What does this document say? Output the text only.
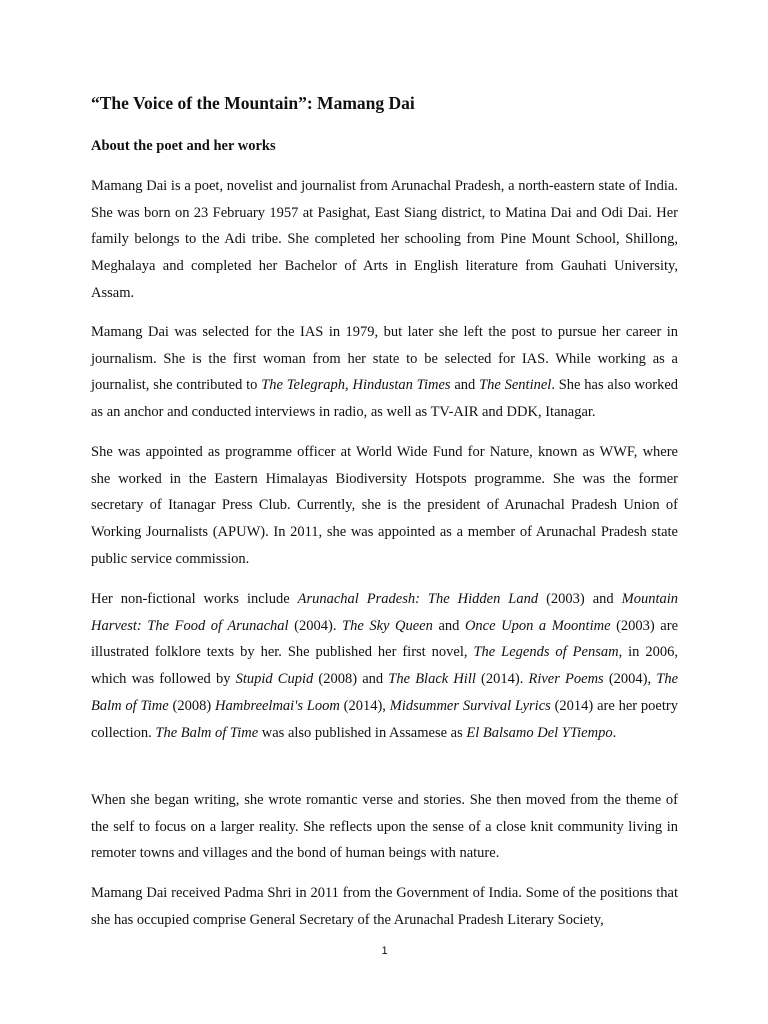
“The Voice of the Mountain”: Mamang Dai
About the poet and her works

Mamang Dai is a poet, novelist and journalist from Arunachal Pradesh, a north-eastern state of India. She was born on 23 February 1957 at Pasighat, East Siang district, to Matina Dai and Odi Dai. Her family belongs to the Adi tribe. She completed her schooling from Pine Mount School, Shillong, Meghalaya and completed her Bachelor of Arts in English literature from Gauhati University, Assam.

Mamang Dai was selected for the IAS in 1979, but later she left the post to pursue her career in journalism. She is the first woman from her state to be selected for IAS. While working as a journalist, she contributed to The Telegraph, Hindustan Times and The Sentinel. She has also worked as an anchor and conducted interviews in radio, as well as TV-AIR and DDK, Itanagar.

She was appointed as programme officer at World Wide Fund for Nature, known as WWF, where she worked in the Eastern Himalayas Biodiversity Hotspots programme. She was the former secretary of Itanagar Press Club. Currently, she is the president of Arunachal Pradesh Union of Working Journalists (APUW). In 2011, she was appointed as a member of Arunachal Pradesh state public service commission.

Her non-fictional works include Arunachal Pradesh: The Hidden Land (2003) and Mountain Harvest: The Food of Arunachal (2004). The Sky Queen and Once Upon a Moontime (2003) are illustrated folklore texts by her. She published her first novel, The Legends of Pensam, in 2006, which was followed by Stupid Cupid (2008) and The Black Hill (2014). River Poems (2004), The Balm of Time (2008) Hambreelmai's Loom (2014), Midsummer Survival Lyrics (2014) are her poetry collection. The Balm of Time was also published in Assamese as El Balsamo Del YTiempo.

When she began writing, she wrote romantic verse and stories. She then moved from the theme of the self to focus on a larger reality. She reflects upon the sense of a close knit community living in remoter towns and villages and the bond of human beings with nature.

Mamang Dai received Padma Shri in 2011 from the Government of India. Some of the positions that she has occupied comprise General Secretary of the Arunachal Pradesh Literary Society,

1
